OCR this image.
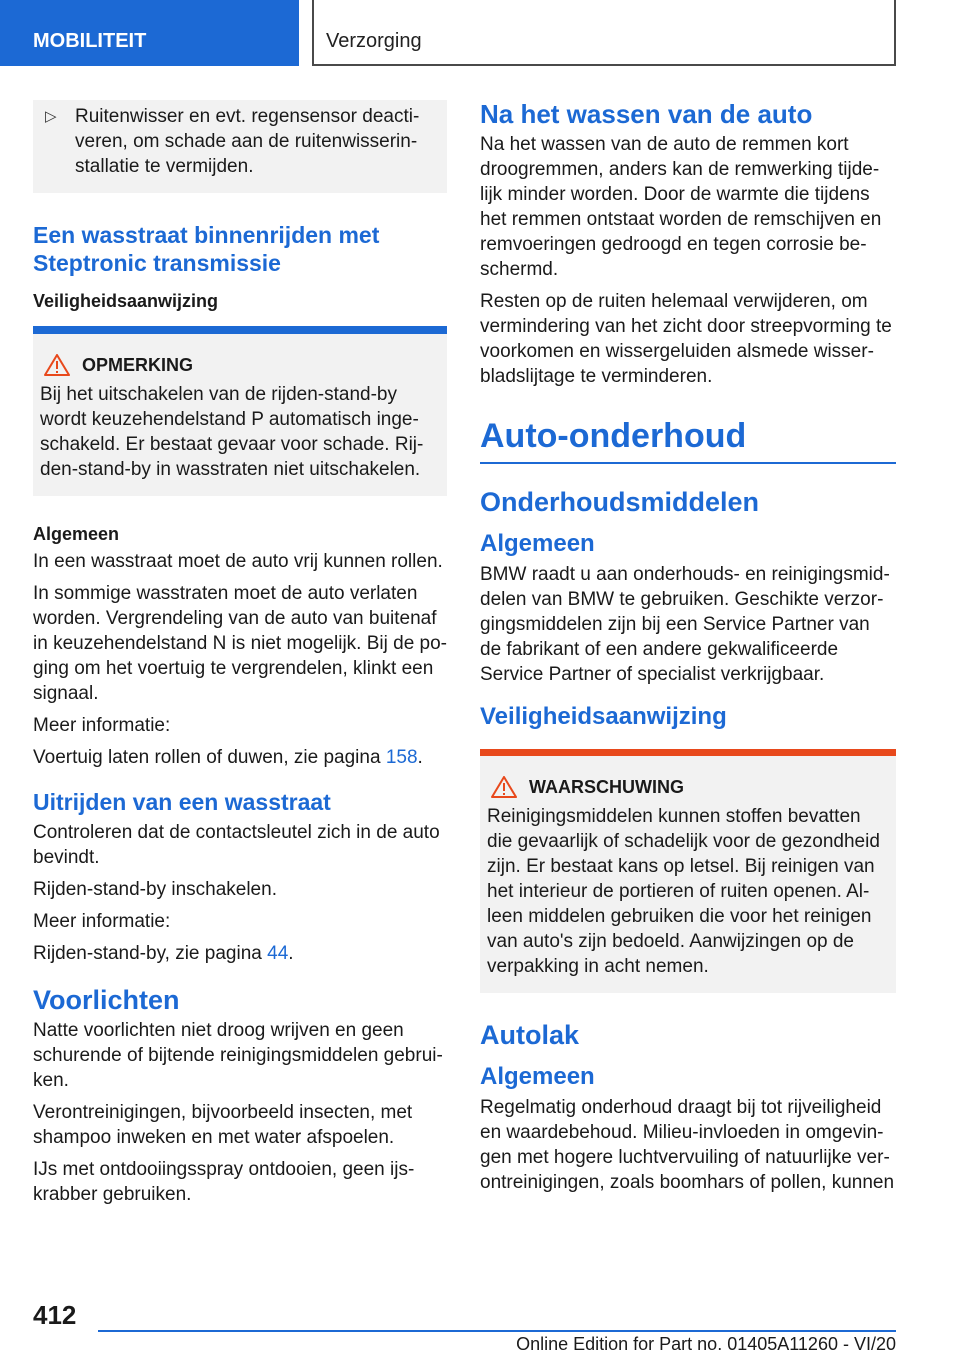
MOBILITEIT	Verzorging
▷ Ruitenwisser en evt. regensensor deacti-veren, om schade aan de ruitenwisserin-stallatie te vermijden.
Een wasstraat binnenrijden met Steptronic transmissie
Veiligheidsaanwijzing
OPMERKING
Bij het uitschakelen van de rijden-stand-by wordt keuzehendelstand P automatisch inge-schakeld. Er bestaat gevaar voor schade. Rij-den-stand-by in wasstraten niet uitschakelen.
Algemeen

In een wasstraat moet de auto vrij kunnen rollen.

In sommige wasstraten moet de auto verlaten worden. Vergrendeling van de auto van buitenaf in keuzehendelstand N is niet mogelijk. Bij de po-ging om het voertuig te vergrendelen, klinkt een signaal.

Meer informatie:

Voertuig laten rollen of duwen, zie pagina 158.

Uitrijden van een wasstraat

Controleren dat de contactsleutel zich in de auto bevindt.

Rijden-stand-by inschakelen.

Meer informatie:

Rijden-stand-by, zie pagina 44.

Voorlichten

Natte voorlichten niet droog wrijven en geen schurende of bijtende reinigingsmiddelen gebrui-ken.

Verontreinigingen, bijvoorbeeld insecten, met shampoo inweken en met water afspoelen.

IJs met ontdooiingsspray ontdooien, geen ijs-krabber gebruiken.

Na het wassen van de auto

Na het wassen van de auto de remmen kort droogremmen, anders kan de remwerking tijde-lijk minder worden. Door de warmte die tijdens het remmen ontstaat worden de remschijven en remvoeringen gedroogd en tegen corrosie be-schermd.

Resten op de ruiten helemaal verwijderen, om vermindering van het zicht door streepvorming te voorkomen en wissergeluiden alsmede wisser-bladslijtage te verminderen.

Auto-onderhoud
Onderhoudsmiddelen
Algemeen

BMW raadt u aan onderhouds- en reinigingsmid-delen van BMW te gebruiken. Geschikte verzor-gingsmiddelen zijn bij een Service Partner van de fabrikant of een andere gekwalificeerde Service Partner of specialist verkrijgbaar.

Veiligheidsaanwijzing
WAARSCHUWING
Reinigingsmiddelen kunnen stoffen bevatten die gevaarlijk of schadelijk voor de gezondheid zijn. Er bestaat kans op letsel. Bij reinigen van het interieur de portieren of ruiten openen. Al-leen middelen gebruiken die voor het reinigen van auto's zijn bedoeld. Aanwijzingen op de verpakking in acht nemen.
Autolak
Algemeen

Regelmatig onderhoud draagt bij tot rijveiligheid en waardebehoud. Milieu-invloeden in omgevin-gen met hogere luchtvervuiling of natuurlijke ver-ontreinigingen, zoals boomhars of pollen, kunnen

412
Online Edition for Part no. 01405A11260 - VI/20
